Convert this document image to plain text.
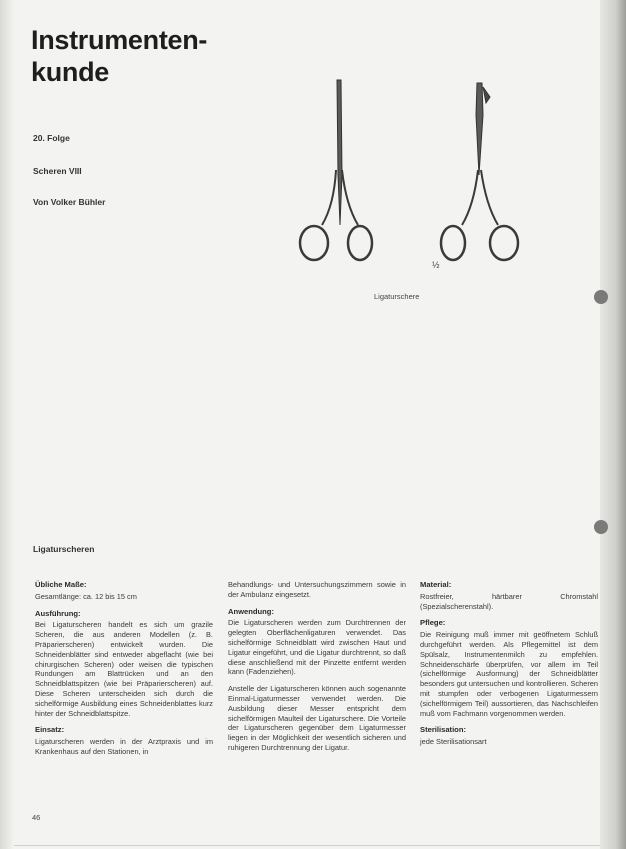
Instrumenten-
kunde
20. Folge
Scheren VIII
Von Volker Bühler
½
Ligaturschere
Ligaturscheren
Übliche Maße:

Gesamtlänge: ca. 12 bis 15 cm

Ausführung:

Bei Ligaturscheren handelt es sich um grazile Scheren, die aus anderen Modellen (z. B. Präparierscheren) entwickelt wurden. Die Schneidenblätter sind entweder abgeflacht (wie bei chirurgischen Scheren) oder weisen die typischen Rundungen am Blattrücken und an den Schneidblattspitzen (wie bei Präparierscheren) auf. Diese Scheren unterscheiden sich durch die sichelförmige Ausbildung eines Schneidenblattes kurz hinter der Schneidblattspitze.

Einsatz:

Ligaturscheren werden in der Arztpraxis und im Krankenhaus auf den Stationen, in

Behandlungs- und Untersuchungszimmern sowie in der Ambulanz eingesetzt.

Anwendung:

Die Ligaturscheren werden zum Durchtrennen der gelegten Oberflächenligaturen verwendet. Das sichelförmige Schneidblatt wird zwischen Haut und Ligatur eingeführt, und die Ligatur durchtrennt, so daß diese anschließend mit der Pinzette entfernt werden kann (Fadenziehen).

Anstelle der Ligaturscheren können auch sogenannte Einmal-Ligaturmesser verwendet werden. Die Ausbildung dieser Messer entspricht dem sichelförmigen Maulteil der Ligaturschere. Die Vorteile der Ligaturscheren gegenüber dem Ligaturmesser liegen in der Möglichkeit der wesentlich sicheren und ruhigeren Durchtrennung der Ligatur.

Material:

Rostfreier, härtbarer Chromstahl (Spezialscherenstahl).

Pflege:

Die Reinigung muß immer mit geöffnetem Schluß durchgeführt werden. Als Pflegemittel ist dem Spülsalz, Instrumentenmilch zu empfehlen. Schneidenschärfe überprüfen, vor allem im Teil (sichelförmige Ausformung) der Schneidblätter besonders gut untersuchen und kontrollieren. Scheren mit stumpfen oder verbogenen Ligaturmessern (sichelförmigem Teil) aussortieren, das Nachschleifen muß vom Fachmann vorgenommen werden.

Sterilisation:

jede Sterilisationsart

46
